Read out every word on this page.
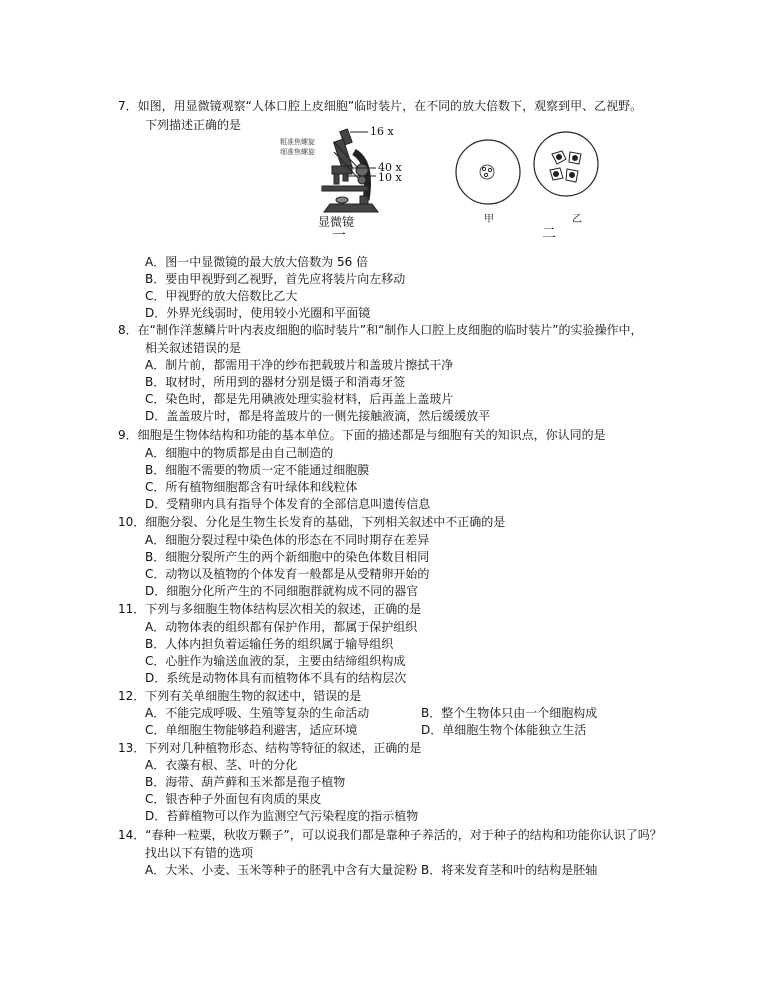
7．如图，用显微镜观察“人体口腔上皮细胞”临时装片，在不同的放大倍数下，观察到甲、乙视野。
下列描述正确的是
粗准焦螺旋
细准焦螺旋
16 x
40 x
10 x
显微镜
一
甲	乙
二
A．图一中显微镜的最大放大倍数为 56 倍
B．要由甲视野到乙视野，首先应将装片向左移动
C．甲视野的放大倍数比乙大
D．外界光线弱时，使用较小光圈和平面镜
8．在“制作洋葱鳞片叶内表皮细胞的临时装片”和“制作人口腔上皮细胞的临时装片”的实验操作中，
相关叙述错误的是
A．制片前，都需用干净的纱布把载玻片和盖玻片擦拭干净
B．取材时，所用到的器材分别是镊子和消毒牙签
C．染色时，都是先用碘液处理实验材料，后再盖上盖玻片
D．盖盖玻片时，都是将盖玻片的一侧先接触液滴，然后缓缓放平
9．细胞是生物体结构和功能的基本单位。下面的描述都是与细胞有关的知识点，你认同的是
A．细胞中的物质都是由自己制造的
B．细胞不需要的物质一定不能通过细胞膜
C．所有植物细胞都含有叶绿体和线粒体
D．受精卵内具有指导个体发育的全部信息叫遗传信息
10．细胞分裂、分化是生物生长发育的基础，下列相关叙述中不正确的是
A．细胞分裂过程中染色体的形态在不同时期存在差异
B．细胞分裂所产生的两个新细胞中的染色体数目相同
C．动物以及植物的个体发育一般都是从受精卵开始的
D．细胞分化所产生的不同细胞群就构成不同的器官
11．下列与多细胞生物体结构层次相关的叙述，正确的是
A．动物体表的组织都有保护作用，都属于保护组织
B．人体内担负着运输任务的组织属于输导组织
C．心脏作为输送血液的泵，主要由结缔组织构成
D．系统是动物体具有而植物体不具有的结构层次
12．下列有关单细胞生物的叙述中，错误的是
A．不能完成呼吸、生殖等复杂的生命活动	B．整个生物体只由一个细胞构成
C．单细胞生物能够趋利避害，适应环境	D．单细胞生物个体能独立生活
13．下列对几种植物形态、结构等特征的叙述，正确的是
A．衣藻有根、茎、叶的分化
B．海带、葫芦藓和玉米都是孢子植物
C．银杏种子外面包有肉质的果皮
D．苔藓植物可以作为监测空气污染程度的指示植物
14．“春种一粒粟，秋收万颗子”，可以说我们都是靠种子养活的，对于种子的结构和功能你认识了吗？
找出以下有错的选项
A．大米、小麦、玉米等种子的胚乳中含有大量淀粉 B．将来发育茎和叶的结构是胚轴
